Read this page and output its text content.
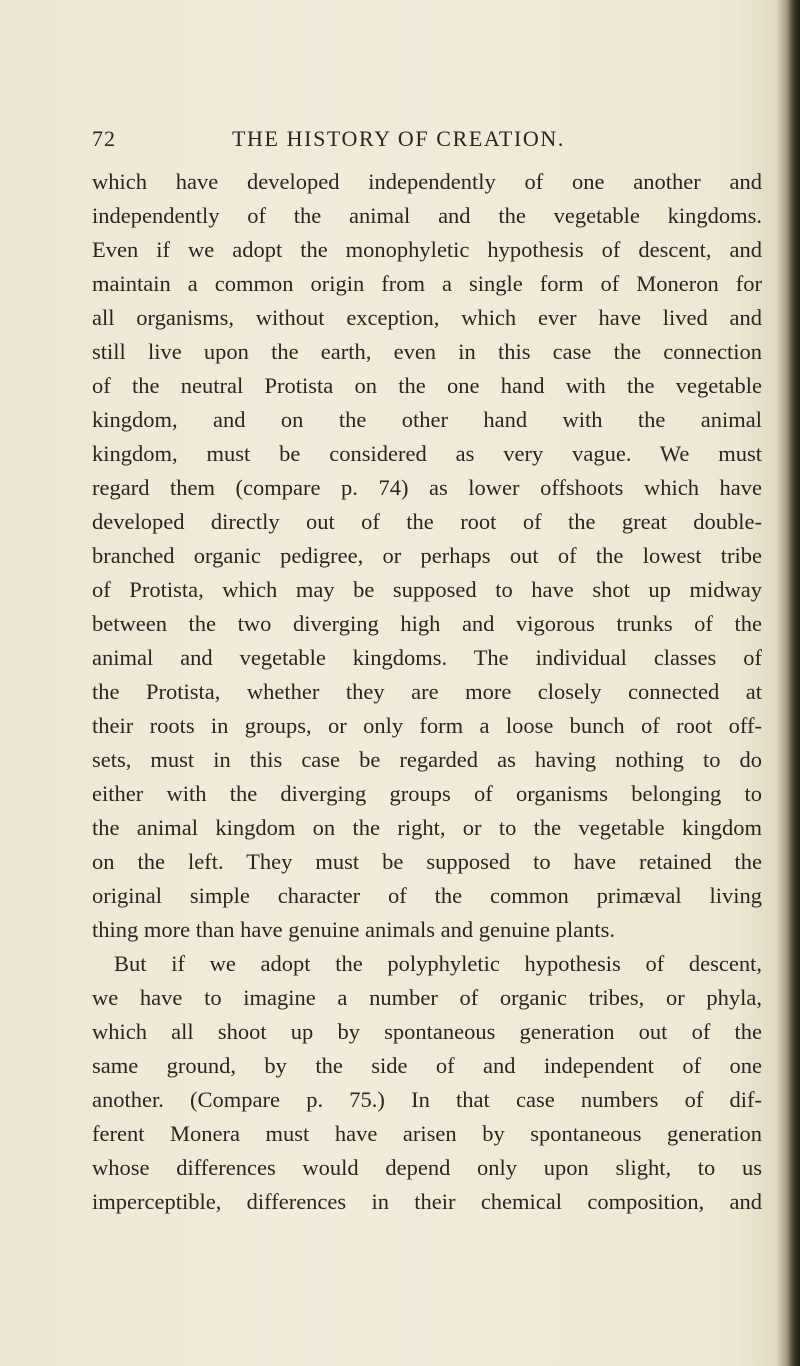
72	THE HISTORY OF CREATION.
which have developed independently of one another and
independently of the animal and the vegetable kingdoms.
Even if we adopt the monophyletic hypothesis of descent, and
maintain a common origin from a single form of Moneron for
all organisms, without exception, which ever have lived and
still live upon the earth, even in this case the connection
of the neutral Protista on the one hand with the vegetable
kingdom, and on the other hand with the animal
kingdom, must be considered as very vague. We must
regard them (compare p. 74) as lower offshoots which have
developed directly out of the root of the great double-
branched organic pedigree, or perhaps out of the lowest tribe
of Protista, which may be supposed to have shot up midway
between the two diverging high and vigorous trunks of the
animal and vegetable kingdoms. The individual classes of
the Protista, whether they are more closely connected at
their roots in groups, or only form a loose bunch of root off-
sets, must in this case be regarded as having nothing to do
either with the diverging groups of organisms belonging to
the animal kingdom on the right, or to the vegetable kingdom
on the left. They must be supposed to have retained the
original simple character of the common primæval living
thing more than have genuine animals and genuine plants.
But if we adopt the polyphyletic hypothesis of descent,
we have to imagine a number of organic tribes, or phyla,
which all shoot up by spontaneous generation out of the
same ground, by the side of and independent of one
another. (Compare p. 75.) In that case numbers of dif-
ferent Monera must have arisen by spontaneous generation
whose differences would depend only upon slight, to us
imperceptible, differences in their chemical composition, and
